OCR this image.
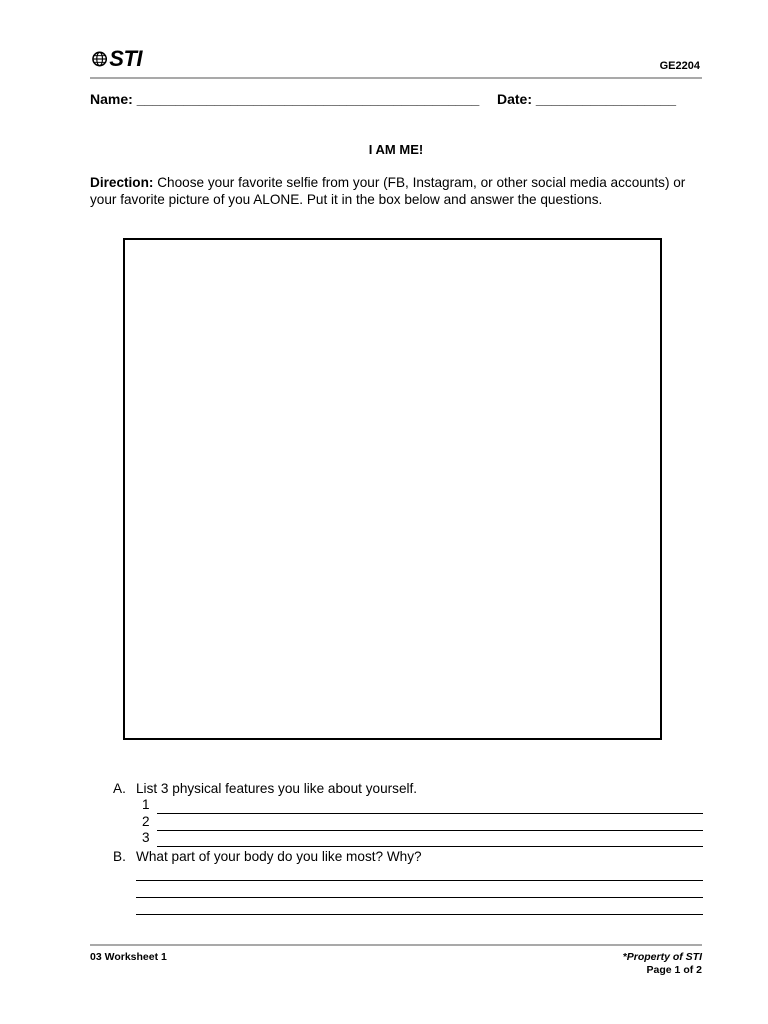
STI	GE2204
Name: ____________________________________________ Date: __________________
I AM ME!
Direction: Choose your favorite selfie from your (FB, Instagram, or other social media accounts) or your favorite picture of you ALONE. Put it in the box below and answer the questions.
A. List 3 physical features you like about yourself.
1
2
3
B. What part of your body do you like most? Why?
03 Worksheet 1	*Property of STI
Page 1 of 2
